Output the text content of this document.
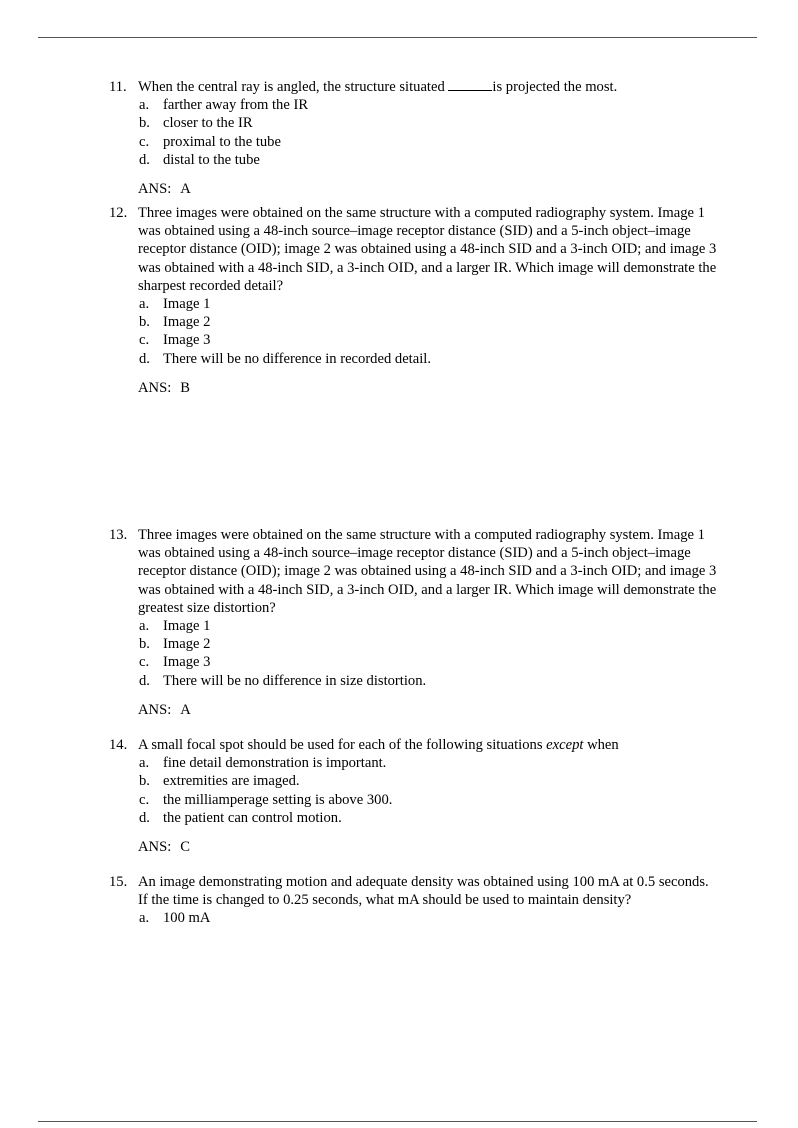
11. When the central ray is angled, the structure situated	is projected the most.
a. farther away from the IR
b. closer to the IR
c. proximal to the tube
d. distal to the tube
ANS: A
12. Three images were obtained on the same structure with a computed radiography system. Image 1 was obtained using a 48-inch source–image receptor distance (SID) and a 5-inch object–image receptor distance (OID); image 2 was obtained using a 48-inch SID and a 3-inch OID; and image 3 was obtained with a 48-inch SID, a 3-inch OID, and a larger IR. Which image will demonstrate the sharpest recorded detail?
a. Image 1
b. Image 2
c. Image 3
d. There will be no difference in recorded detail.
ANS: B
13. Three images were obtained on the same structure with a computed radiography system. Image 1 was obtained using a 48-inch source–image receptor distance (SID) and a 5-inch object–image receptor distance (OID); image 2 was obtained using a 48-inch SID and a 3-inch OID; and image 3 was obtained with a 48-inch SID, a 3-inch OID, and a larger IR. Which image will demonstrate the greatest size distortion?
a. Image 1
b. Image 2
c. Image 3
d. There will be no difference in size distortion.
ANS: A
14. A small focal spot should be used for each of the following situations except when
a. fine detail demonstration is important.
b. extremities are imaged.
c. the milliamperage setting is above 300.
d. the patient can control motion.
ANS: C
15. An image demonstrating motion and adequate density was obtained using 100 mA at 0.5 seconds. If the time is changed to 0.25 seconds, what mA should be used to maintain density?
a. 100 mA
